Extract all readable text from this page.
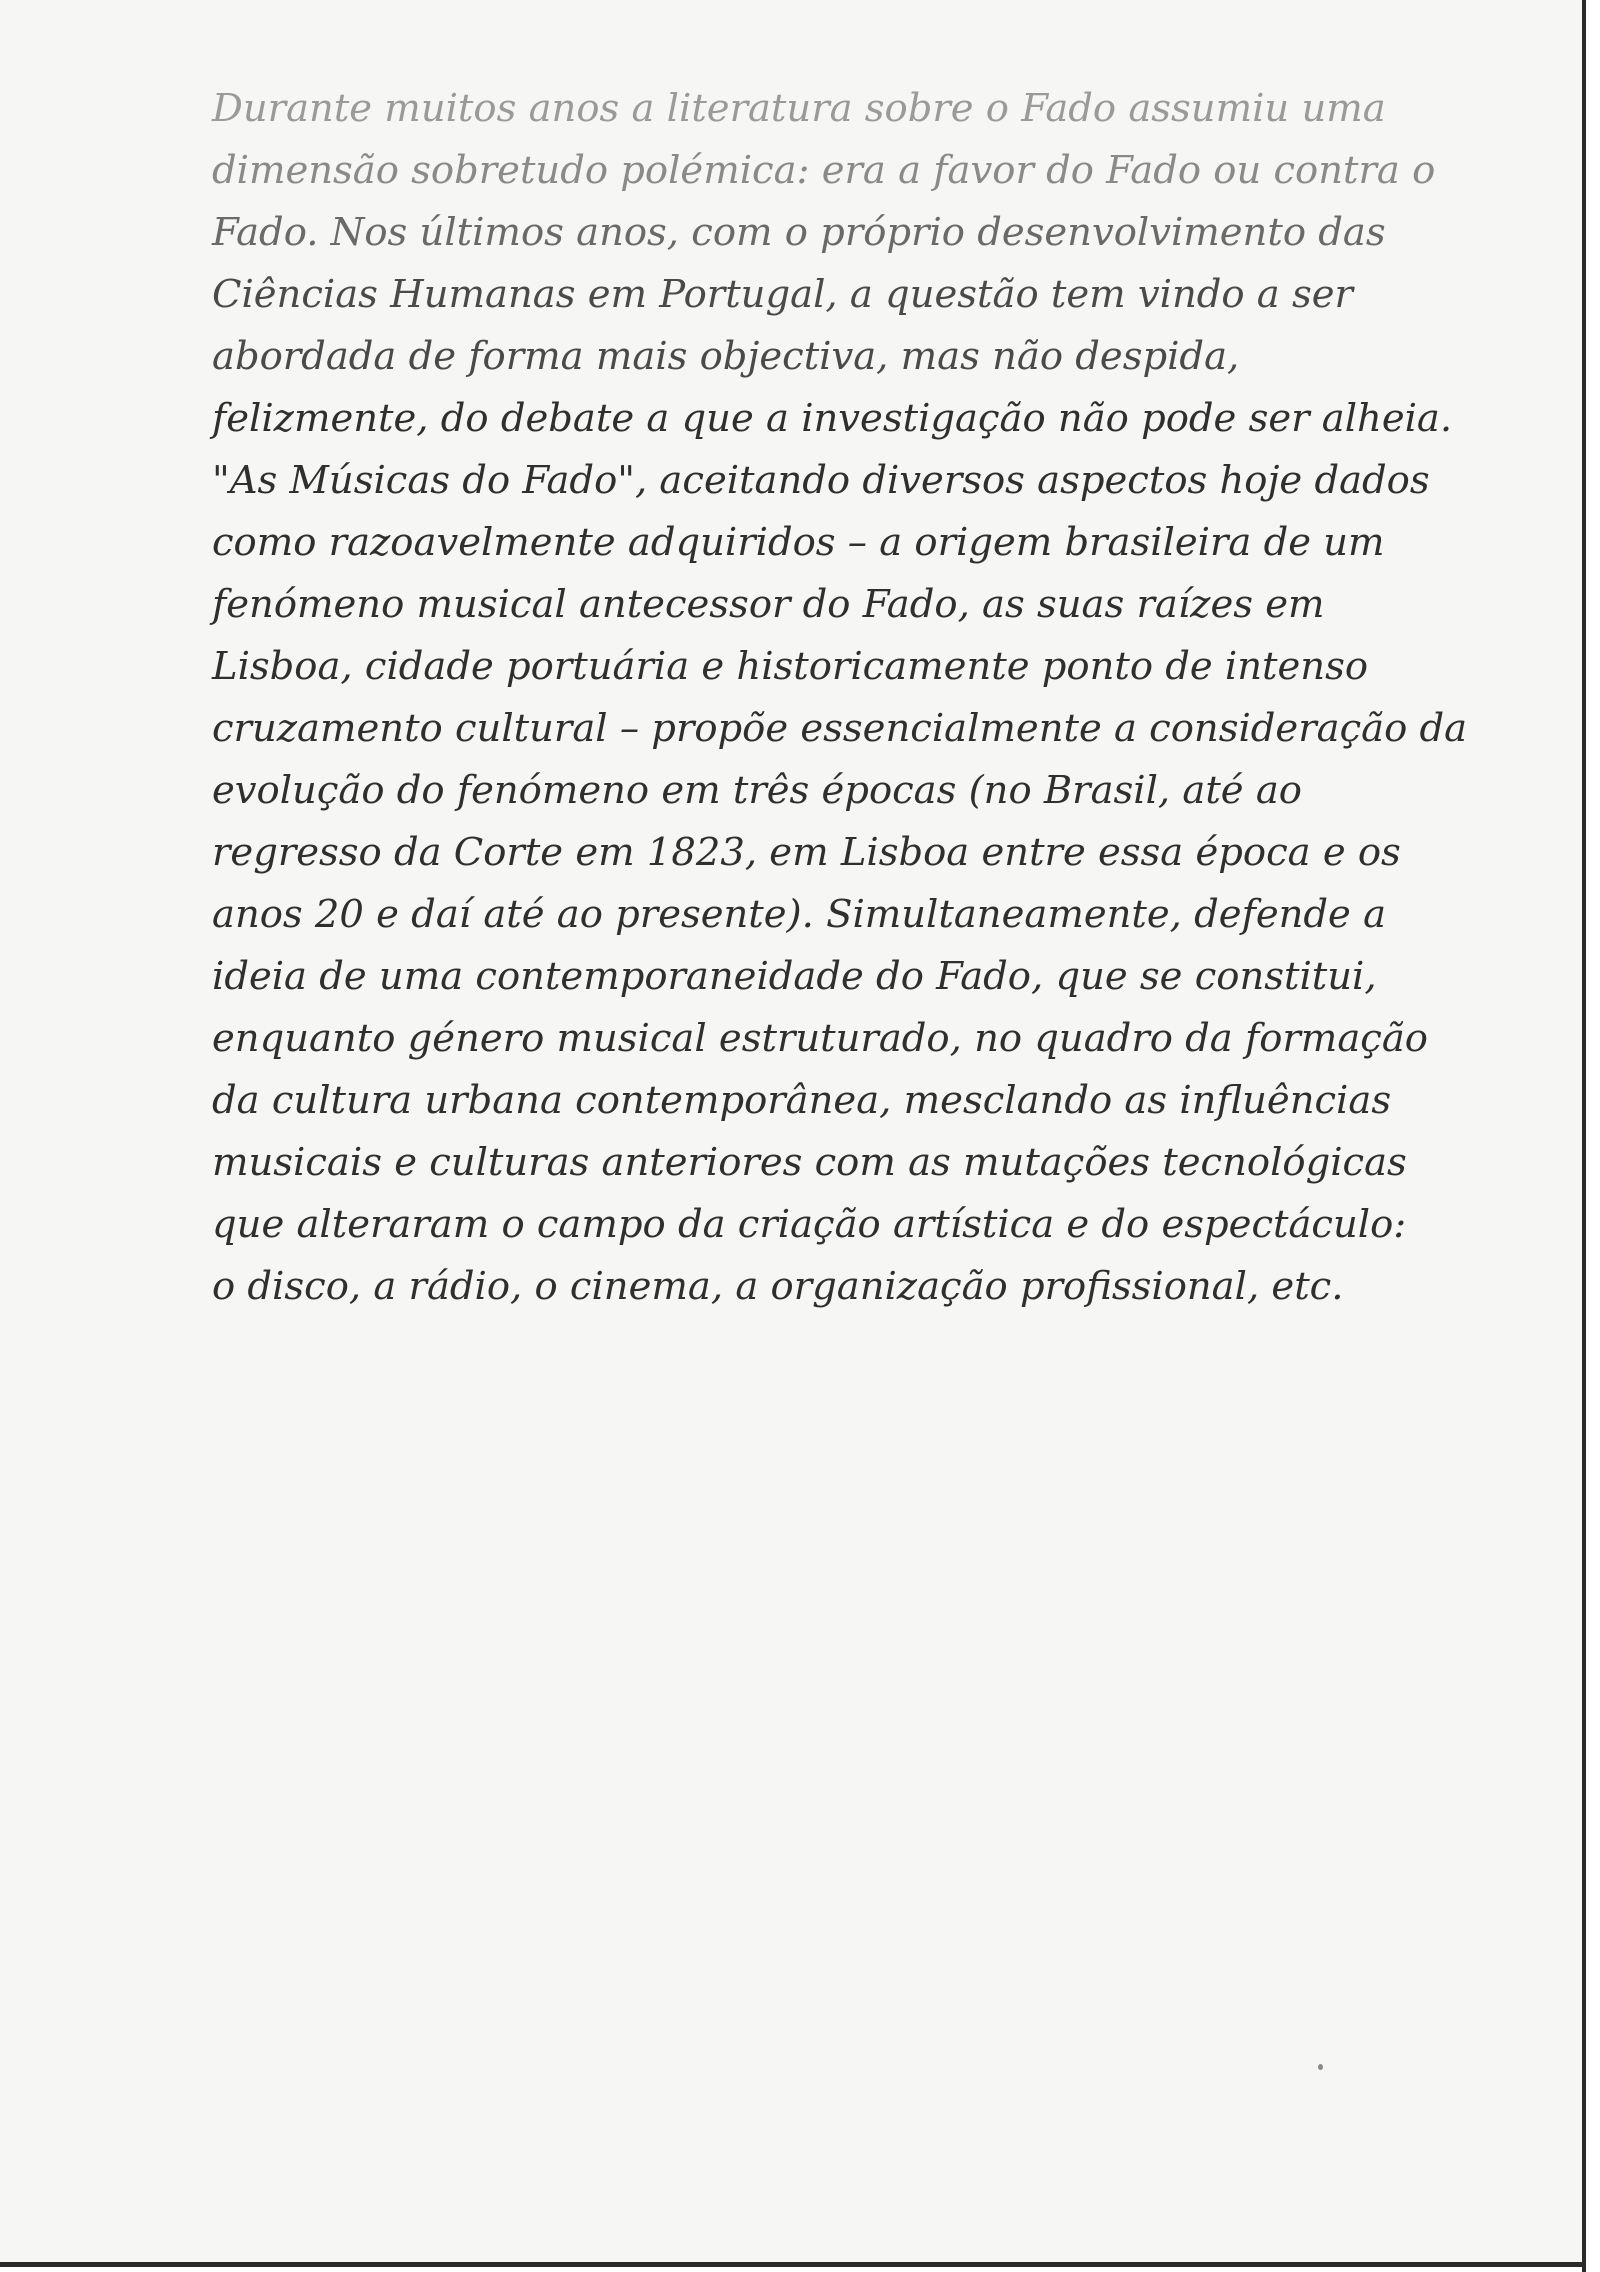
Durante muitos anos a literatura sobre o Fado assumiu uma
dimensão sobretudo polémica: era a favor do Fado ou contra o
Fado. Nos últimos anos, com o próprio desenvolvimento das
Ciências Humanas em Portugal, a questão tem vindo a ser
abordada de forma mais objectiva, mas não despida,
felizmente, do debate a que a investigação não pode ser alheia.
"As Músicas do Fado", aceitando diversos aspectos hoje dados
como razoavelmente adquiridos – a origem brasileira de um
fenómeno musical antecessor do Fado, as suas raízes em
Lisboa, cidade portuária e historicamente ponto de intenso
cruzamento cultural – propõe essencialmente a consideração da
evolução do fenómeno em três épocas (no Brasil, até ao
regresso da Corte em 1823, em Lisboa entre essa época e os
anos 20 e daí até ao presente). Simultaneamente, defende a
ideia de uma contemporaneidade do Fado, que se constitui,
enquanto género musical estruturado, no quadro da formação
da cultura urbana contemporânea, mesclando as influências
musicais e culturas anteriores com as mutações tecnológicas
que alteraram o campo da criação artística e do espectáculo:
o disco, a rádio, o cinema, a organização profissional, etc.
